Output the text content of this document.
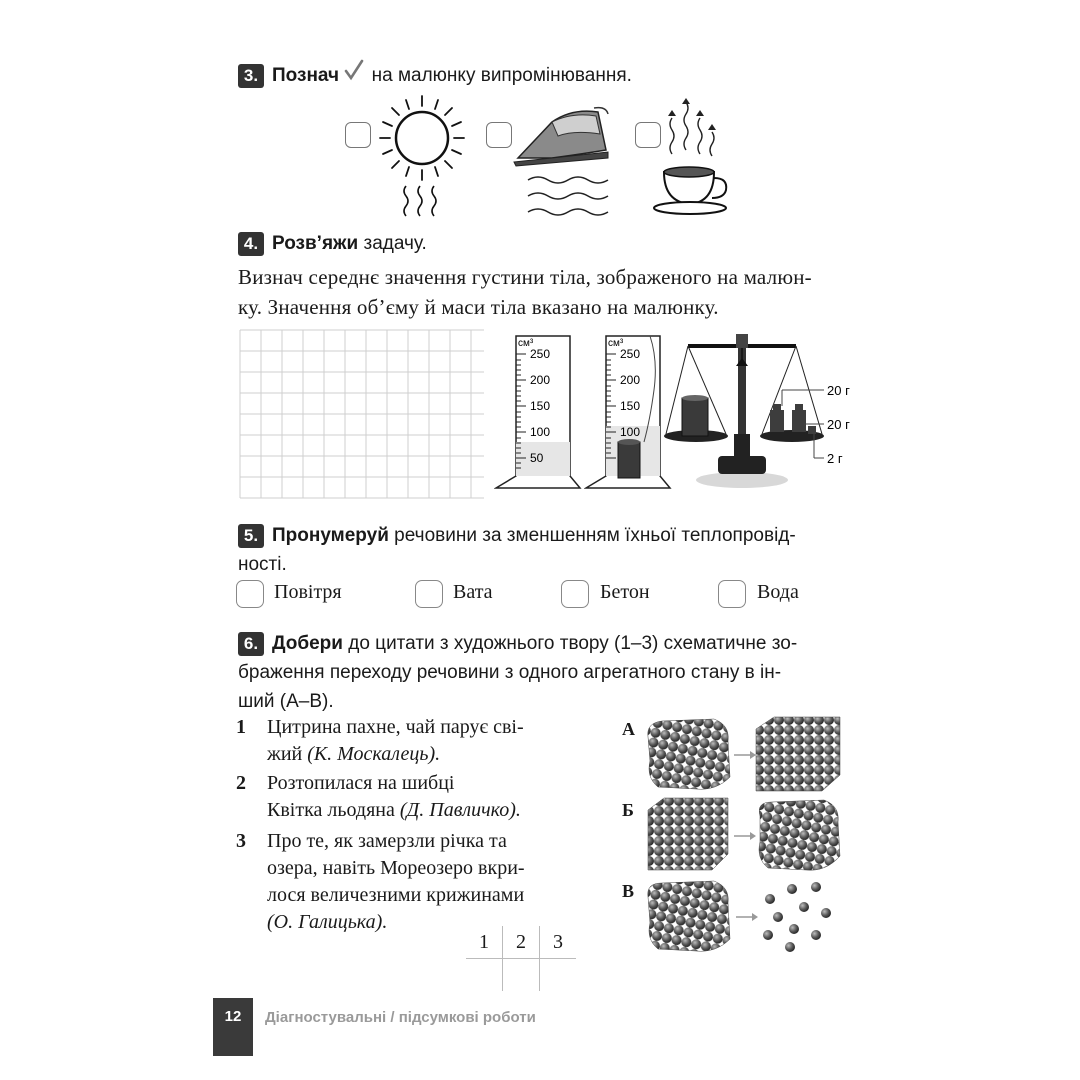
3. Познач на малюнку випромінювання.
4. Розв’яжи задачу.
Визнач середнє значення густини тіла, зображеного на малюн-
ку. Значення об’єму й маси тіла вказано на малюнку.
см³
250
200
150
100
50
см³
250
200
150
100
20 г
20 г
2 г
5. Пронумеруй речовини за зменшенням їхньої теплопровід-
ності.
Повітря	Вата	Бетон	Вода
6. Добери до цитати з художнього твору (1–3) схематичне зо-
браження переходу речовини з одного агрегатного стану в ін-
ший (А–В).
1 Цитрина пахне, чай парує сві-
жий (К. Москалець).
2 Розтопилася на шибці
Квітка льодяна (Д. Павличко).
3 Про те, як замерзли річка та
озера, навіть Мореозеро вкри-
лося величезними крижинами
(О. Галицька).
1	2	3

А
Б
В
12	Діагностувальні / підсумкові роботи
